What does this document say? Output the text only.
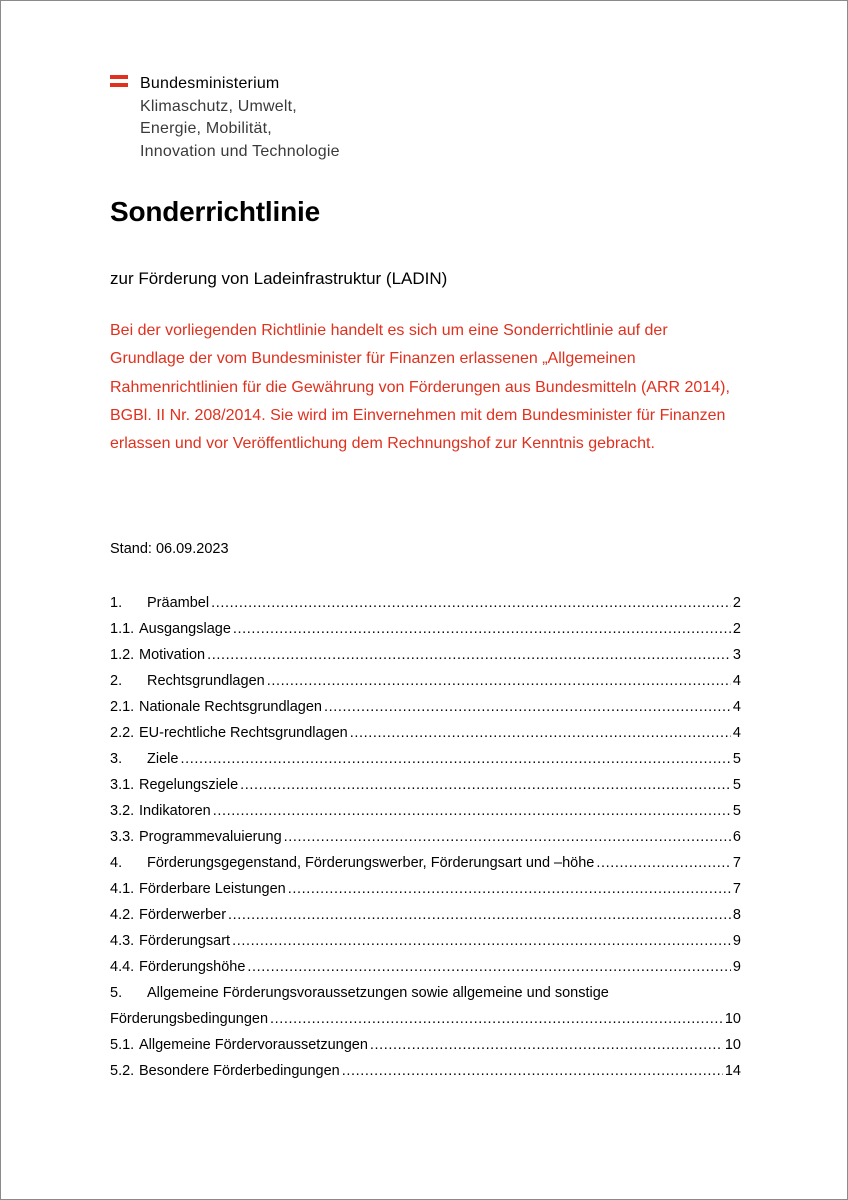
Bundesministerium
Klimaschutz, Umwelt,
Energie, Mobilität,
Innovation und Technologie
Sonderrichtlinie
zur Förderung von Ladeinfrastruktur (LADIN)

Bei der vorliegenden Richtlinie handelt es sich um eine Sonderrichtlinie auf der Grundlage der vom Bundesminister für Finanzen erlassenen „Allgemeinen Rahmenrichtlinien für die Gewährung von Förderungen aus Bundesmitteln (ARR 2014), BGBl. II Nr. 208/2014. Sie wird im Einvernehmen mit dem Bundesminister für Finanzen erlassen und vor Veröffentlichung dem Rechnungshof zur Kenntnis gebracht.

Stand: 06.09.2023
1.	Präambel .....	2
1.1. Ausgangslage .....	2
1.2. Motivation .....	3
2.	Rechtsgrundlagen .....	4
2.1. Nationale Rechtsgrundlagen .....	4
2.2. EU-rechtliche Rechtsgrundlagen .....	4
3.	Ziele .....	5
3.1. Regelungsziele .....	5
3.2. Indikatoren .....	5
3.3. Programmevaluierung .....	6
4.	Förderungsgegenstand, Förderungswerber, Förderungsart und –höhe .....	7
4.1. Förderbare Leistungen .....	7
4.2. Förderwerber .....	8
4.3. Förderungsart .....	9
4.4. Förderungshöhe .....	9
5. Allgemeine Förderungsvoraussetzungen sowie allgemeine und sonstige
Förderungsbedingungen .....	10
5.1. Allgemeine Fördervoraussetzungen .....	10
5.2. Besondere Förderbedingungen .....	14
